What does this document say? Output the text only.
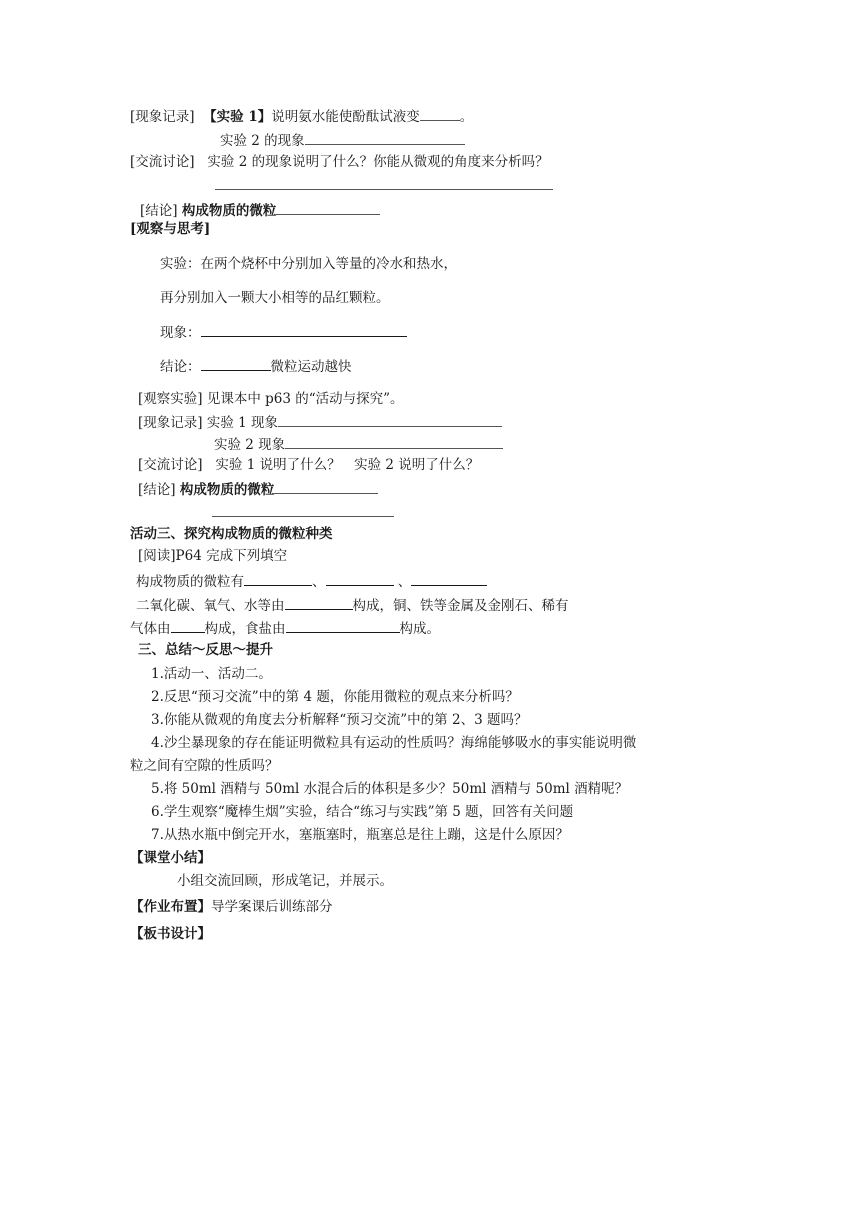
[现象记录] 【实验 1】说明氨水能使酚酞试液变	。
实验 2 的现象
[交流讨论] 实验 2 的现象说明了什么？你能从微观的角度来分析吗？
[结论] 构成物质的微粒
[观察与思考]
实验：在两个烧杯中分别加入等量的冷水和热水，
再分别加入一颗大小相等的品红颗粒。
现象：
结论：	微粒运动越快
[观察实验] 见课本中 p63 的“活动与探究”。
[现象记录] 实验 1 现象
实验 2 现象
[交流讨论] 实验 1 说明了什么？　实验 2 说明了什么？
[结论] 构成物质的微粒
活动三、探究构成物质的微粒种类
[阅读]P64 完成下列填空
构成物质的微粒有	、	、
二氧化碳、氧气、水等由	构成，铜、铁等金属及金刚石、稀有
气体由	构成，食盐由	构成。
三、总结～反思～提升
1.活动一、活动二。
2.反思“预习交流”中的第 4 题，你能用微粒的观点来分析吗？
3.你能从微观的角度去分析解释“预习交流”中的第 2、3 题吗？
4.沙尘暴现象的存在能证明微粒具有运动的性质吗？海绵能够吸水的事实能说明微
粒之间有空隙的性质吗？
5.将 50ml 酒精与 50ml 水混合后的体积是多少？50ml 酒精与 50ml 酒精呢？
6.学生观察“魔棒生烟”实验，结合“练习与实践”第 5 题，回答有关问题
7.从热水瓶中倒完开水，塞瓶塞时，瓶塞总是往上蹦，这是什么原因？
【课堂小结】
小组交流回顾，形成笔记，并展示。
【作业布置】导学案课后训练部分
【板书设计】
